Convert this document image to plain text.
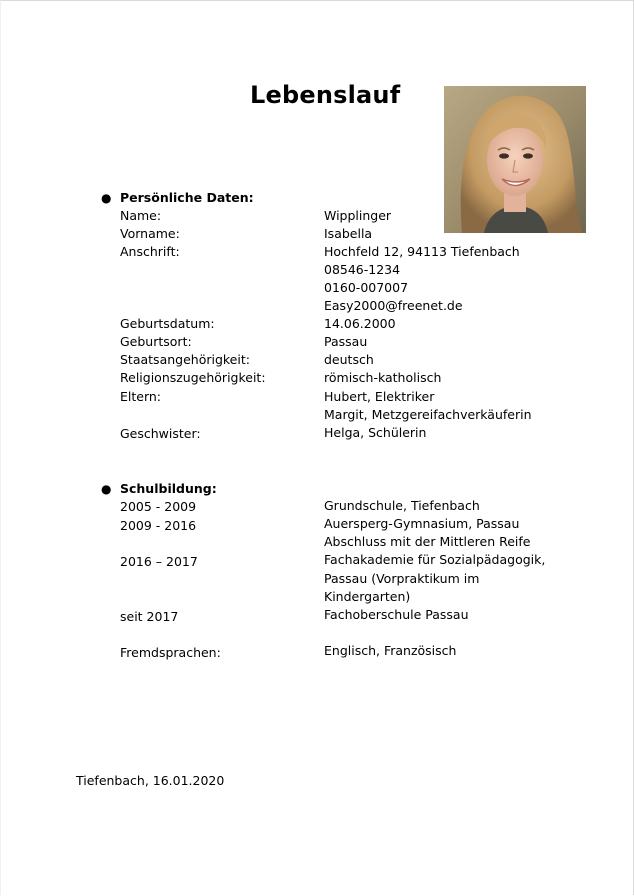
Lebenslauf
● Persönliche Daten:
Name:	Wipplinger
Vorname:	Isabella
Anschrift:	Hochfeld 12, 94113 Tiefenbach
08546-1234
0160-007007
Easy2000@freenet.de
Geburtsdatum:	14.06.2000
Geburtsort:	Passau
Staatsangehörigkeit:	deutsch
Religionszugehörigkeit:	römisch-katholisch
Eltern:	Hubert, Elektriker
Margit, Metzgereifachverkäuferin
Geschwister:	Helga, Schülerin
● Schulbildung:
2005 - 2009	Grundschule, Tiefenbach
2009 - 2016	Auersperg-Gymnasium, Passau
Abschluss mit der Mittleren Reife
2016 – 2017	Fachakademie für Sozialpädagogik,
Passau (Vorpraktikum im
Kindergarten)
seit 2017	Fachoberschule Passau
Fremdsprachen:	Englisch, Französisch
Tiefenbach, 16.01.2020
